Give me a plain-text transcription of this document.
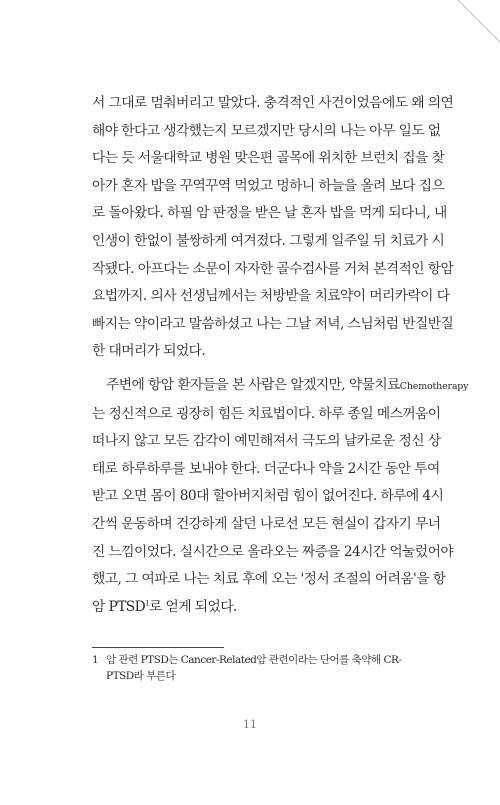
서 그대로 멈춰버리고 말았다. 충격적인 사건이었음에도 왜 의연
해야 한다고 생각했는지 모르겠지만 당시의 나는 아무 일도 없
다는 듯 서울대학교 병원 맞은편 골목에 위치한 브런치 집을 찾
아가 혼자 밥을 꾸역꾸역 먹었고 멍하니 하늘을 올려 보다 집으
로 돌아왔다. 하필 암 판정을 받은 날 혼자 밥을 먹게 되다니, 내
인생이 한없이 불쌍하게 여겨졌다. 그렇게 일주일 뒤 치료가 시
작됐다. 아프다는 소문이 자자한 골수검사를 거쳐 본격적인 항암
요법까지. 의사 선생님께서는 처방받을 치료약이 머리카락이 다
빠지는 약이라고 말씀하셨고 나는 그날 저녁, 스님처럼 반질반질
한 대머리가 되었다.
주변에 항암 환자들을 본 사람은 알겠지만, 약물치료Chemotherapy
는 정신적으로 굉장히 힘든 치료법이다. 하루 종일 메스꺼움이
떠나지 않고 모든 감각이 예민해져서 극도의 날카로운 정신 상
태로 하루하루를 보내야 한다. 더군다나 약을 2시간 동안 투여
받고 오면 몸이 80대 할아버지처럼 힘이 없어진다. 하루에 4시
간씩 운동하며 건강하게 살던 나로선 모든 현실이 갑자기 무너
진 느낌이었다. 실시간으로 올라오는 짜증을 24시간 억눌렀어야
했고, 그 여파로 나는 치료 후에 오는 '정서 조절의 어려움'을 항
암 PTSD$^1$로 얻게 되었다.
1 암 관련 PTSD는 Cancer-Related암 관련이라는 단어를 축약해 CR-PTSD라 부른다
11
